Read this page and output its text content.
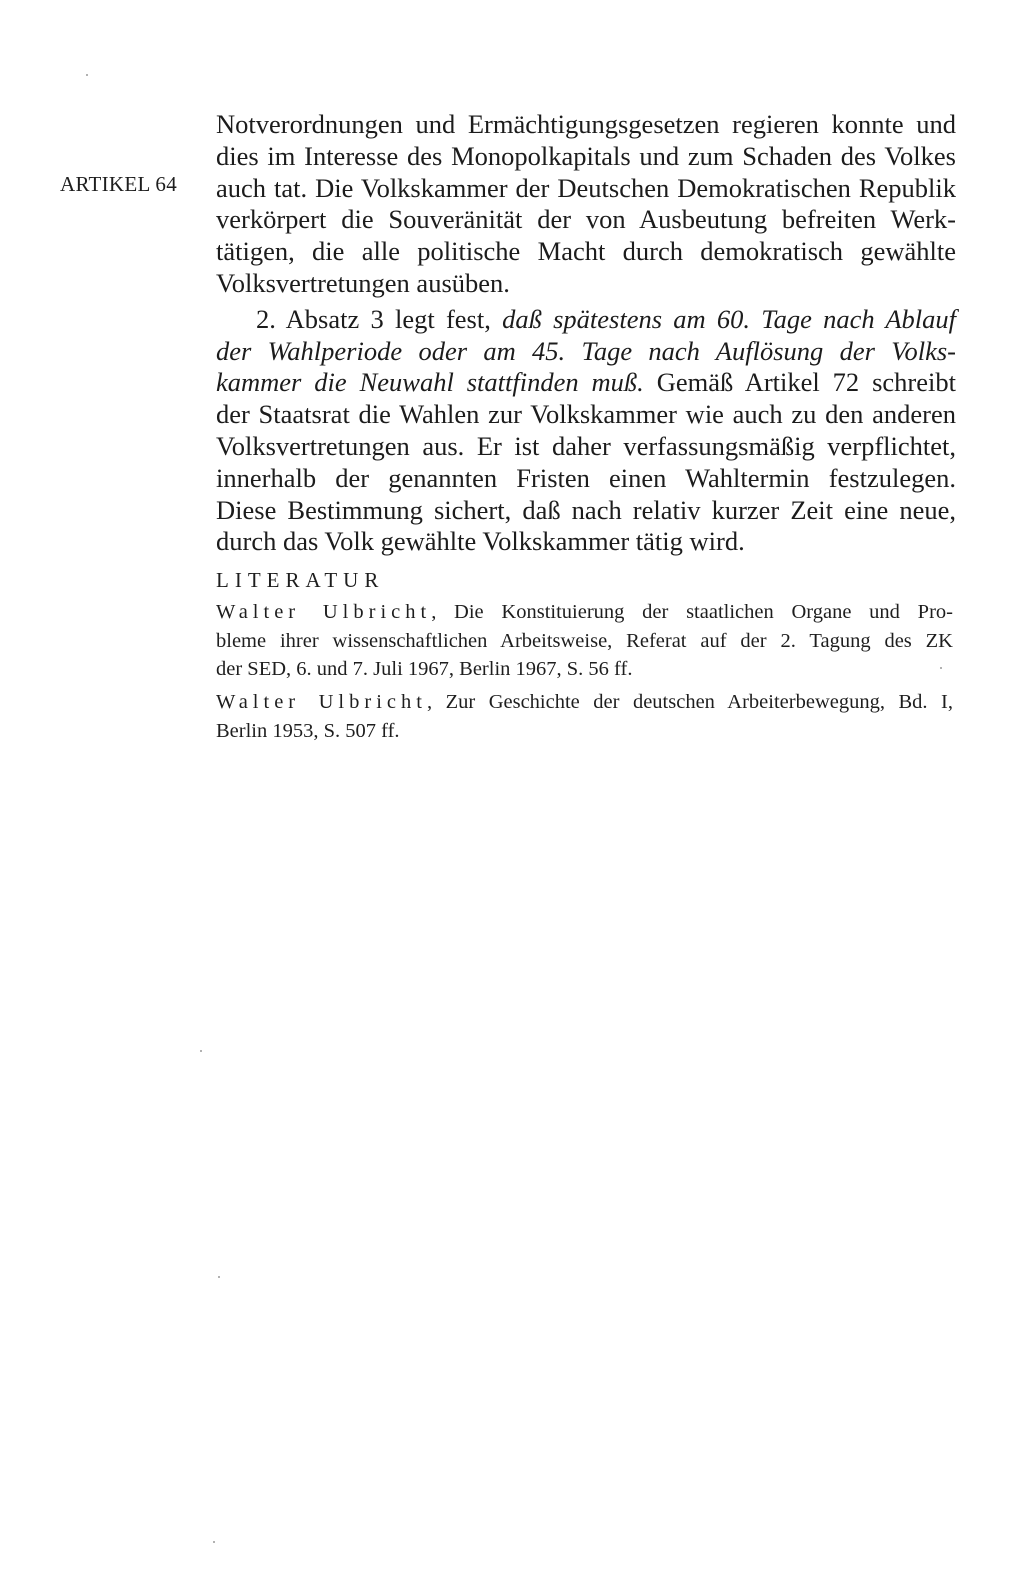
ARTIKEL 64
Notverordnungen und Ermächtigungsgesetzen regieren konnte und
dies im Interesse des Monopolkapitals und zum Schaden des Volkes
auch tat. Die Volkskammer der Deutschen Demokratischen Republik
verkörpert die Souveränität der von Ausbeutung befreiten Werk-
tätigen, die alle politische Macht durch demokratisch gewählte
Volksvertretungen ausüben.
2. Absatz 3 legt fest, daß spätestens am 60. Tage nach Ablauf
der Wahlperiode oder am 45. Tage nach Auflösung der Volks-
kammer die Neuwahl stattfinden muß. Gemäß Artikel 72 schreibt
der Staatsrat die Wahlen zur Volkskammer wie auch zu den anderen
Volksvertretungen aus. Er ist daher verfassungsmäßig verpflichtet,
innerhalb der genannten Fristen einen Wahltermin festzulegen.
Diese Bestimmung sichert, daß nach relativ kurzer Zeit eine neue,
durch das Volk gewählte Volkskammer tätig wird.
LITERATUR
Walter Ulbricht, Die Konstituierung der staatlichen Organe und Pro-
bleme ihrer wissenschaftlichen Arbeitsweise, Referat auf der 2. Tagung des ZK
der SED, 6. und 7. Juli 1967, Berlin 1967, S. 56 ff.
Walter Ulbricht, Zur Geschichte der deutschen Arbeiterbewegung, Bd. I,
Berlin 1953, S. 507 ff.
